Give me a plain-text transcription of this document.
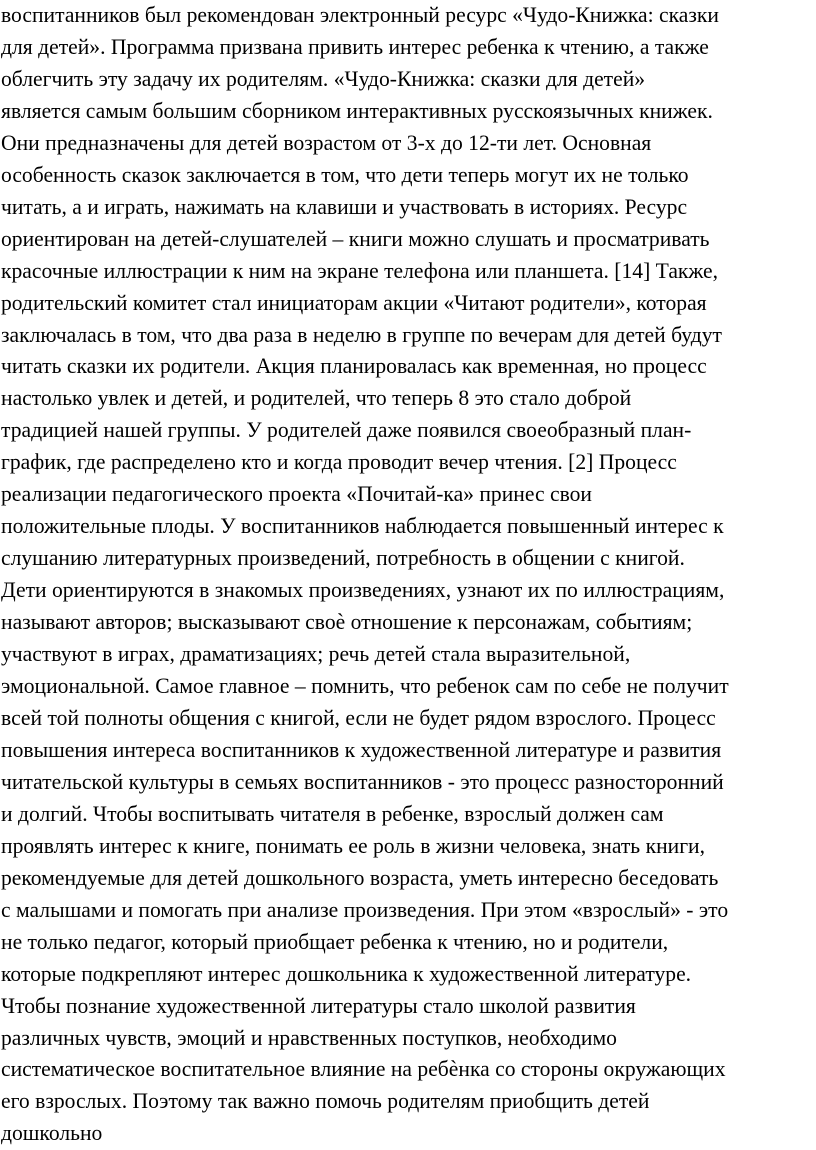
воспитанников был рекомендован электронный ресурс «Чудо-Книжка: сказки
для детей». Программа призвана привить интерес ребенка к чтению, а также
облегчить эту задачу их родителям. «Чудо-Книжка: сказки для детей»
является самым большим сборником интерактивных русскоязычных книжек.
Они предназначены для детей возрастом от 3-х до 12-ти лет. Основная
особенность сказок заключается в том, что дети теперь могут их не только
читать, а и играть, нажимать на клавиши и участвовать в историях. Ресурс
ориентирован на детей-слушателей – книги можно слушать и просматривать
красочные иллюстрации к ним на экране телефона или планшета. [14] Также,
родительский комитет стал инициаторам акции «Читают родители», которая
заключалась в том, что два раза в неделю в группе по вечерам для детей будут
читать сказки их родители. Акция планировалась как временная, но процесс
настолько увлек и детей, и родителей, что теперь 8 это стало доброй
традицией нашей группы. У родителей даже появился своеобразный план-
график, где распределено кто и когда проводит вечер чтения. [2] Процесс
реализации педагогического проекта «Почитай-ка» принес свои
положительные плоды. У воспитанников наблюдается повышенный интерес к
слушанию литературных произведений, потребность в общении с книгой.
Дети ориентируются в знакомых произведениях, узнают их по иллюстрациям,
называют авторов; высказывают своѐ отношение к персонажам, событиям;
участвуют в играх, драматизациях; речь детей стала выразительной,
эмоциональной. Самое главное – помнить, что ребенок сам по себе не получит
всей той полноты общения с книгой, если не будет рядом взрослого. Процесс
повышения интереса воспитанников к художественной литературе и развития
читательской культуры в семьях воспитанников - это процесс разносторонний
и долгий. Чтобы воспитывать читателя в ребенке, взрослый должен сам
проявлять интерес к книге, понимать ее роль в жизни человека, знать книги,
рекомендуемые для детей дошкольного возраста, уметь интересно беседовать
с малышами и помогать при анализе произведения. При этом «взрослый» - это
не только педагог, который приобщает ребенка к чтению, но и родители,
которые подкрепляют интерес дошкольника к художественной литературе.
Чтобы познание художественной литературы стало школой развития
различных чувств, эмоций и нравственных поступков, необходимо
систематическое воспитательное влияние на ребѐнка со стороны окружающих
его взрослых. Поэтому так важно помочь родителям приобщить детей
дошкольно
